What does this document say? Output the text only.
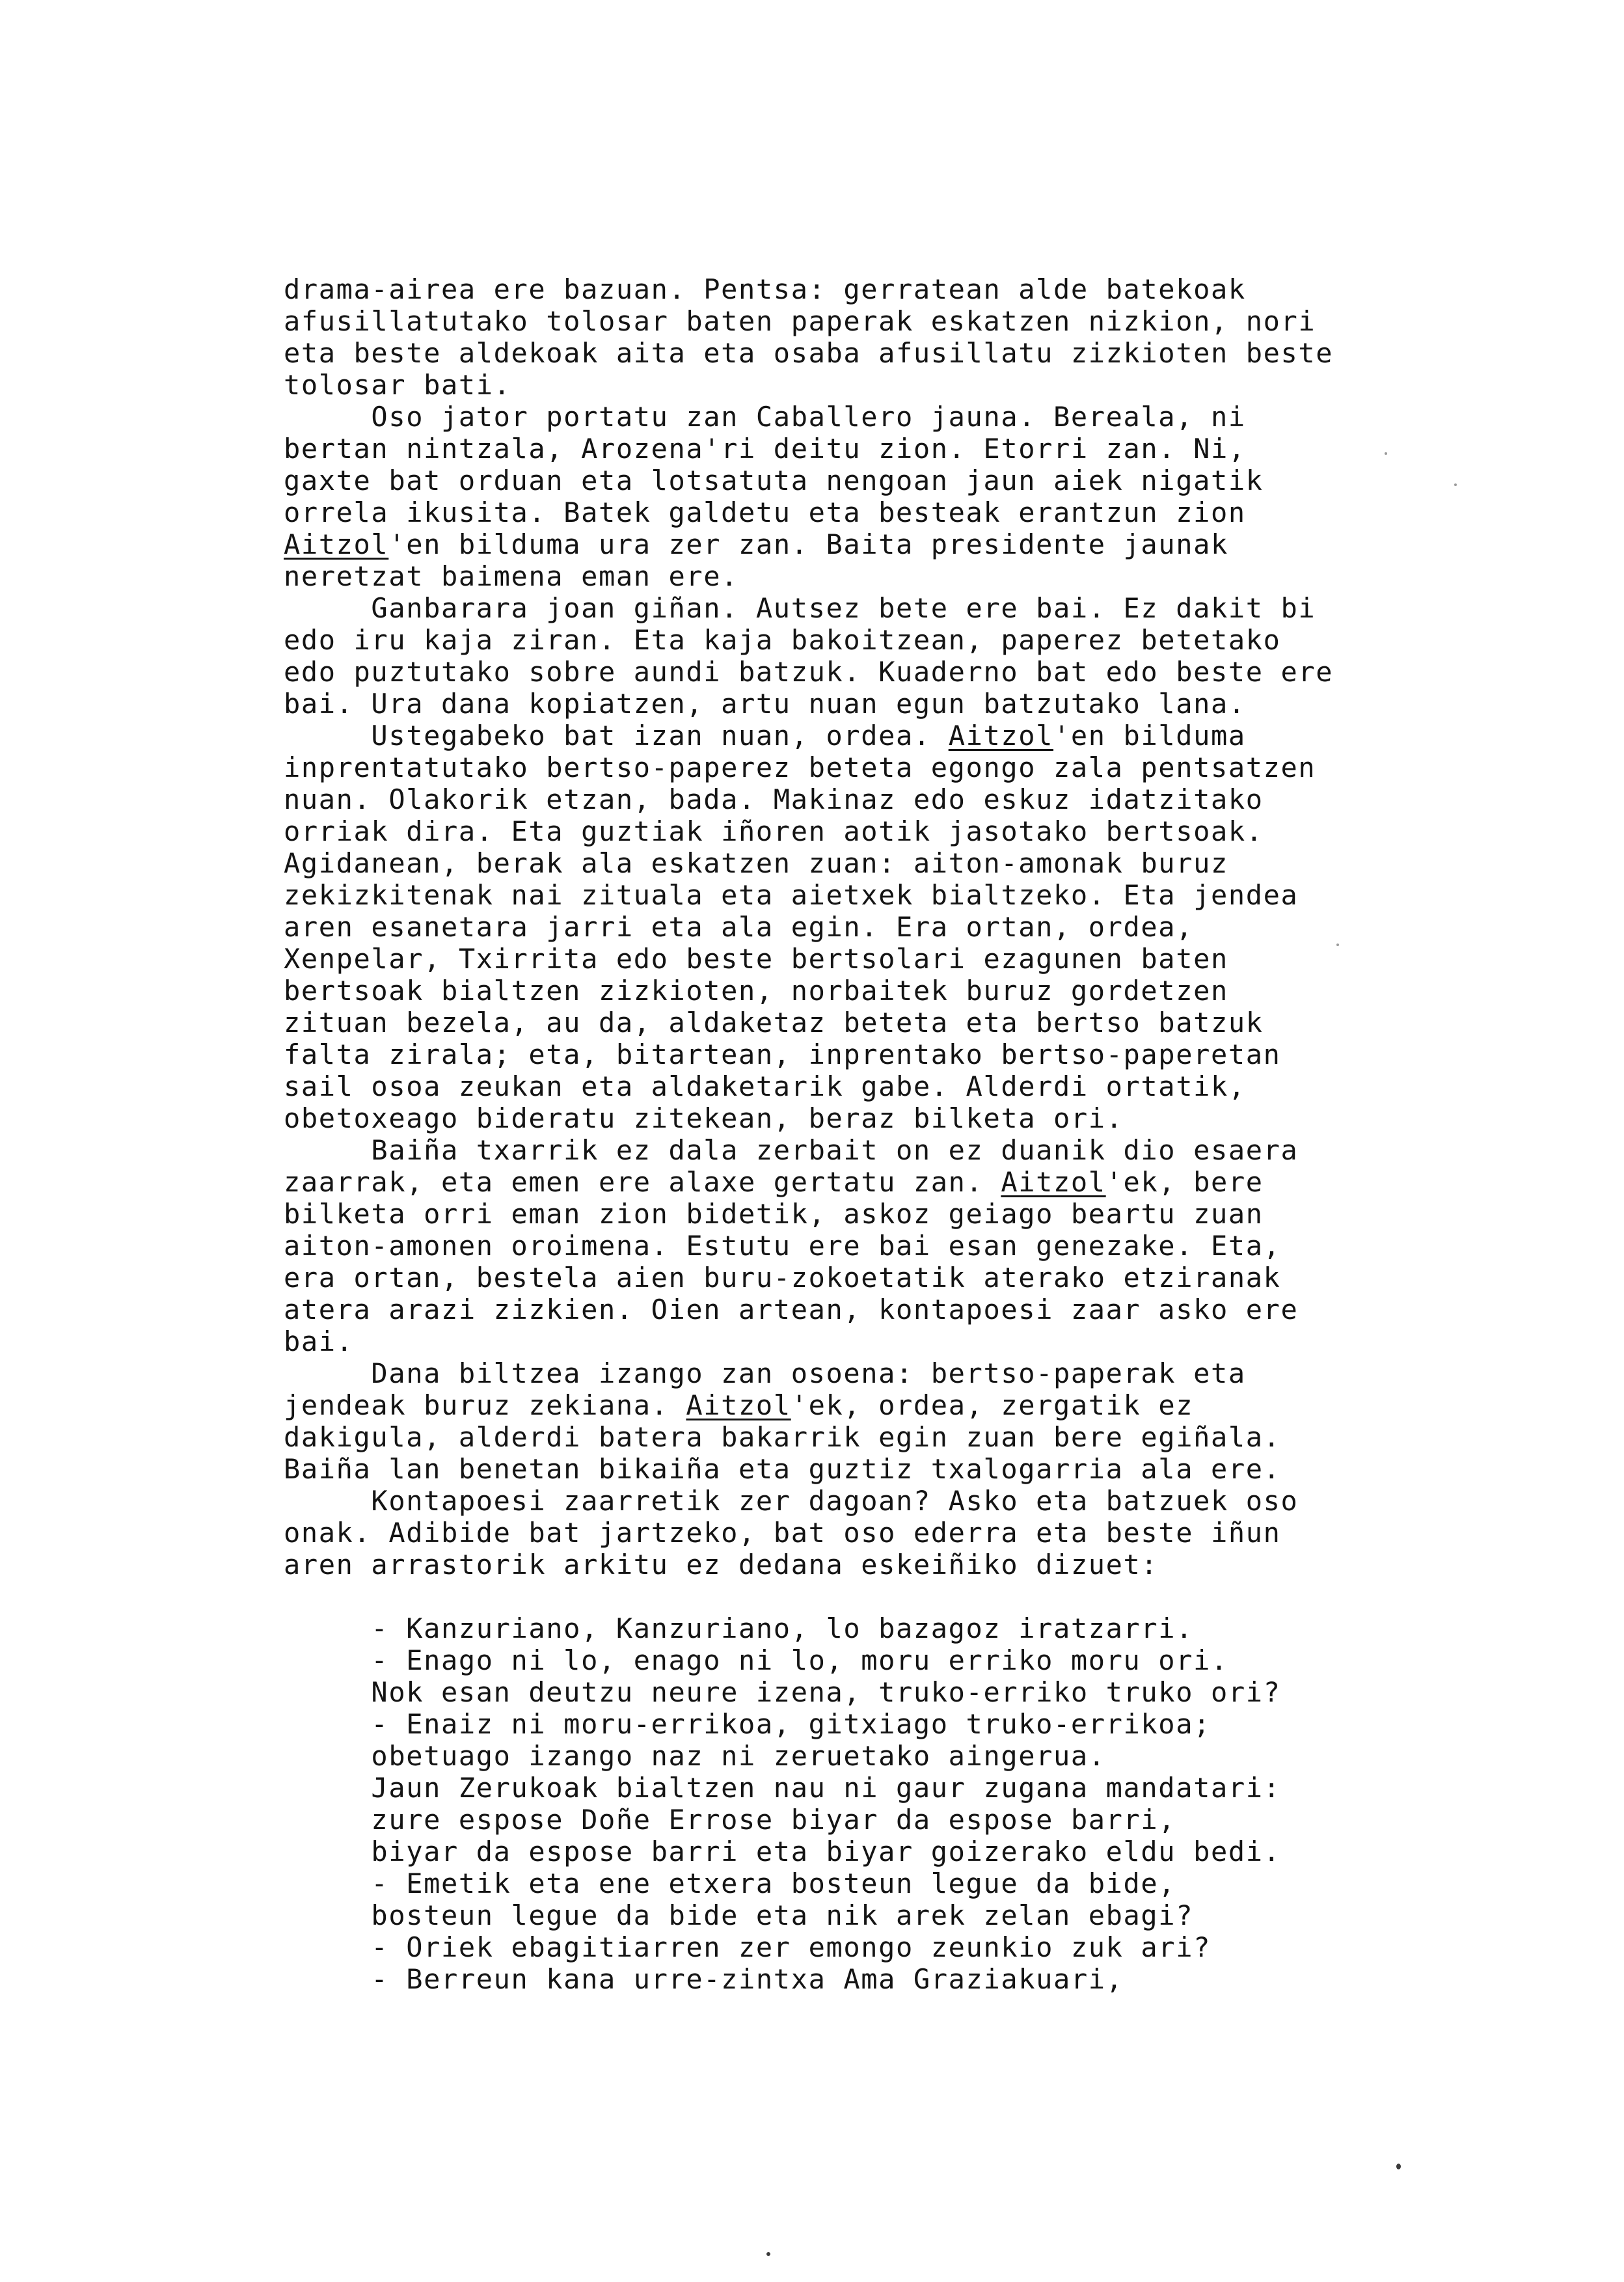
drama-airea ere bazuan. Pentsa: gerratean alde batekoak
afusillatutako tolosar baten paperak eskatzen nizkion, nori
eta beste aldekoak aita eta osaba afusillatu zizkioten beste
tolosar bati.
Oso jator portatu zan Caballero jauna. Bereala, ni
bertan nintzala, Arozena'ri deitu zion. Etorri zan. Ni,
gaxte bat orduan eta lotsatuta nengoan jaun aiek nigatik
orrela ikusita. Batek galdetu eta besteak erantzun zion
Aitzol'en bilduma ura zer zan. Baita presidente jaunak
neretzat baimena eman ere.
Ganbarara joan giñan. Autsez bete ere bai. Ez dakit bi
edo iru kaja ziran. Eta kaja bakoitzean, paperez betetako
edo puztutako sobre aundi batzuk. Kuaderno bat edo beste ere
bai. Ura dana kopiatzen, artu nuan egun batzutako lana.
Ustegabeko bat izan nuan, ordea. Aitzol'en bilduma
inprentatutako bertso-paperez beteta egongo zala pentsatzen
nuan. Olakorik etzan, bada. Makinaz edo eskuz idatzitako
orriak dira. Eta guztiak iñoren aotik jasotako bertsoak.
Agidanean, berak ala eskatzen zuan: aiton-amonak buruz
zekizkitenak nai zituala eta aietxek bialtzeko. Eta jendea
aren esanetara jarri eta ala egin. Era ortan, ordea,
Xenpelar, Txirrita edo beste bertsolari ezagunen baten
bertsoak bialtzen zizkioten, norbaitek buruz gordetzen
zituan bezela, au da, aldaketaz beteta eta bertso batzuk
falta zirala; eta, bitartean, inprentako bertso-paperetan
sail osoa zeukan eta aldaketarik gabe. Alderdi ortatik,
obetoxeago bideratu zitekean, beraz bilketa ori.
Baiña txarrik ez dala zerbait on ez duanik dio esaera
zaarrak, eta emen ere alaxe gertatu zan. Aitzol'ek, bere
bilketa orri eman zion bidetik, askoz geiago beartu zuan
aiton-amonen oroimena. Estutu ere bai esan genezake. Eta,
era ortan, bestela aien buru-zokoetatik aterako etziranak
atera arazi zizkien. Oien artean, kontapoesi zaar asko ere
bai.
Dana biltzea izango zan osoena: bertso-paperak eta
jendeak buruz zekiana. Aitzol'ek, ordea, zergatik ez
dakigula, alderdi batera bakarrik egin zuan bere egiñala.
Baiña lan benetan bikaiña eta guztiz txalogarria ala ere.
Kontapoesi zaarretik zer dagoan? Asko eta batzuek oso
onak. Adibide bat jartzeko, bat oso ederra eta beste iñun
aren arrastorik arkitu ez dedana eskeiñiko dizuet:
- Kanzuriano, Kanzuriano, lo bazagoz iratzarri.
- Enago ni lo, enago ni lo, moru erriko moru ori.
Nok esan deutzu neure izena, truko-erriko truko ori?
- Enaiz ni moru-errikoa, gitxiago truko-errikoa;
obetuago izango naz ni zeruetako aingerua.
Jaun Zerukoak bialtzen nau ni gaur zugana mandatari:
zure espose Doñe Errose biyar da espose barri,
biyar da espose barri eta biyar goizerako eldu bedi.
- Emetik eta ene etxera bosteun legue da bide,
bosteun legue da bide eta nik arek zelan ebagi?
- Oriek ebagitiarren zer emongo zeunkio zuk ari?
- Berreun kana urre-zintxa Ama Graziakuari,
